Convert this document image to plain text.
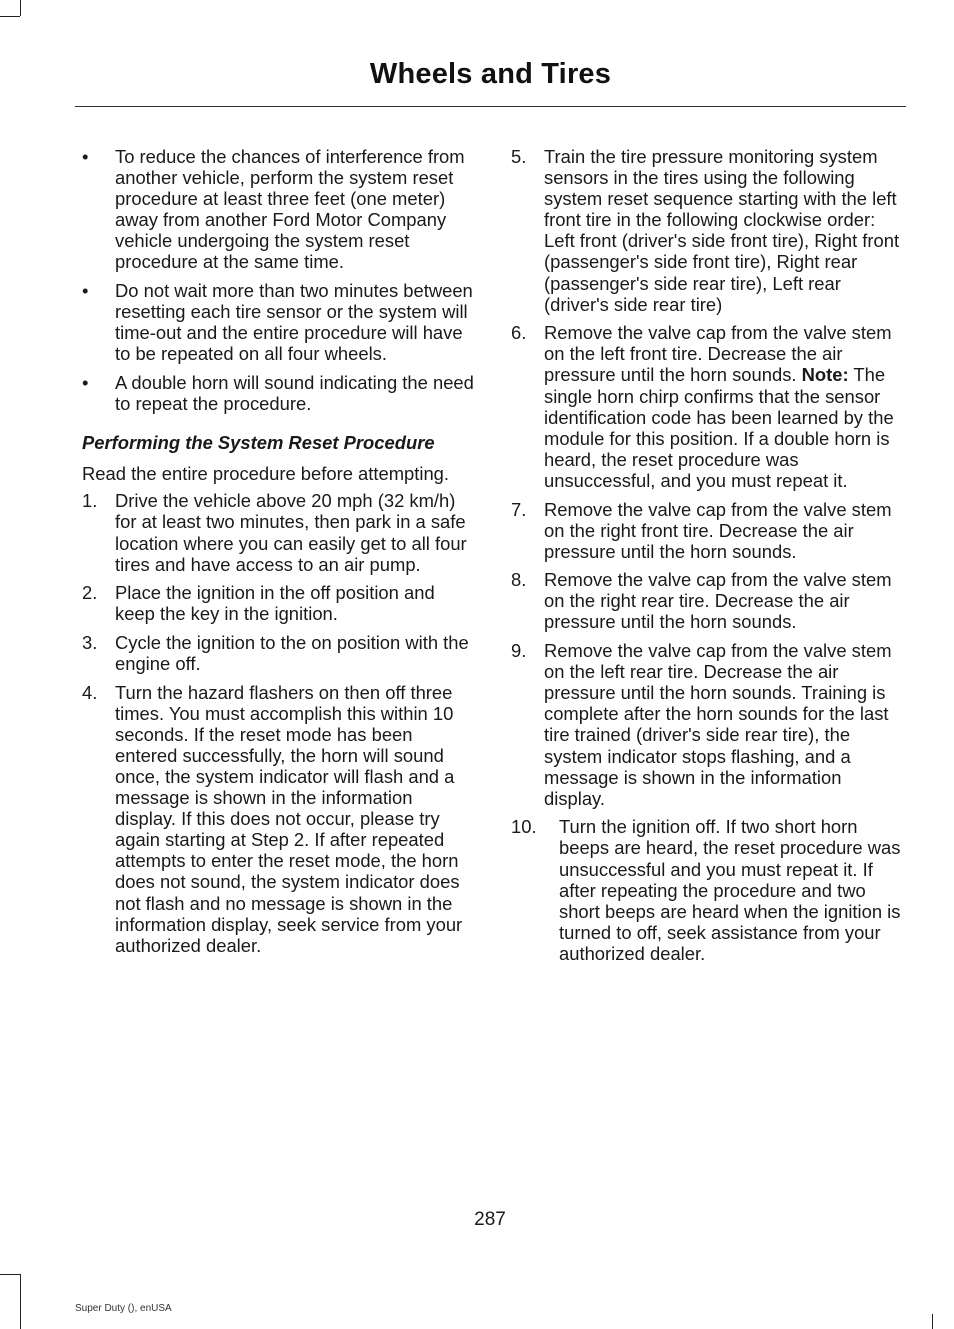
Wheels and Tires
• To reduce the chances of interference from another vehicle, perform the system reset procedure at least three feet (one meter) away from another Ford Motor Company vehicle undergoing the system reset procedure at the same time.
• Do not wait more than two minutes between resetting each tire sensor or the system will time-out and the entire procedure will have to be repeated on all four wheels.
• A double horn will sound indicating the need to repeat the procedure.
Performing the System Reset Procedure
Read the entire procedure before attempting.
1. Drive the vehicle above 20 mph (32 km/h) for at least two minutes, then park in a safe location where you can easily get to all four tires and have access to an air pump.
2. Place the ignition in the off position and keep the key in the ignition.
3. Cycle the ignition to the on position with the engine off.
4. Turn the hazard flashers on then off three times. You must accomplish this within 10 seconds. If the reset mode has been entered successfully, the horn will sound once, the system indicator will flash and a message is shown in the information display. If this does not occur, please try again starting at Step 2. If after repeated attempts to enter the reset mode, the horn does not sound, the system indicator does not flash and no message is shown in the information display, seek service from your authorized dealer.
5. Train the tire pressure monitoring system sensors in the tires using the following system reset sequence starting with the left front tire in the following clockwise order: Left front (driver's side front tire), Right front (passenger's side front tire), Right rear (passenger's side rear tire), Left rear (driver's side rear tire)
6. Remove the valve cap from the valve stem on the left front tire. Decrease the air pressure until the horn sounds. Note: The single horn chirp confirms that the sensor identification code has been learned by the module for this position. If a double horn is heard, the reset procedure was unsuccessful, and you must repeat it.
7. Remove the valve cap from the valve stem on the right front tire. Decrease the air pressure until the horn sounds.
8. Remove the valve cap from the valve stem on the right rear tire. Decrease the air pressure until the horn sounds.
9. Remove the valve cap from the valve stem on the left rear tire. Decrease the air pressure until the horn sounds. Training is complete after the horn sounds for the last tire trained (driver's side rear tire), the system indicator stops flashing, and a message is shown in the information display.
10. Turn the ignition off. If two short horn beeps are heard, the reset procedure was unsuccessful and you must repeat it. If after repeating the procedure and two short beeps are heard when the ignition is turned to off, seek assistance from your authorized dealer.
287
Super Duty (), enUSA
